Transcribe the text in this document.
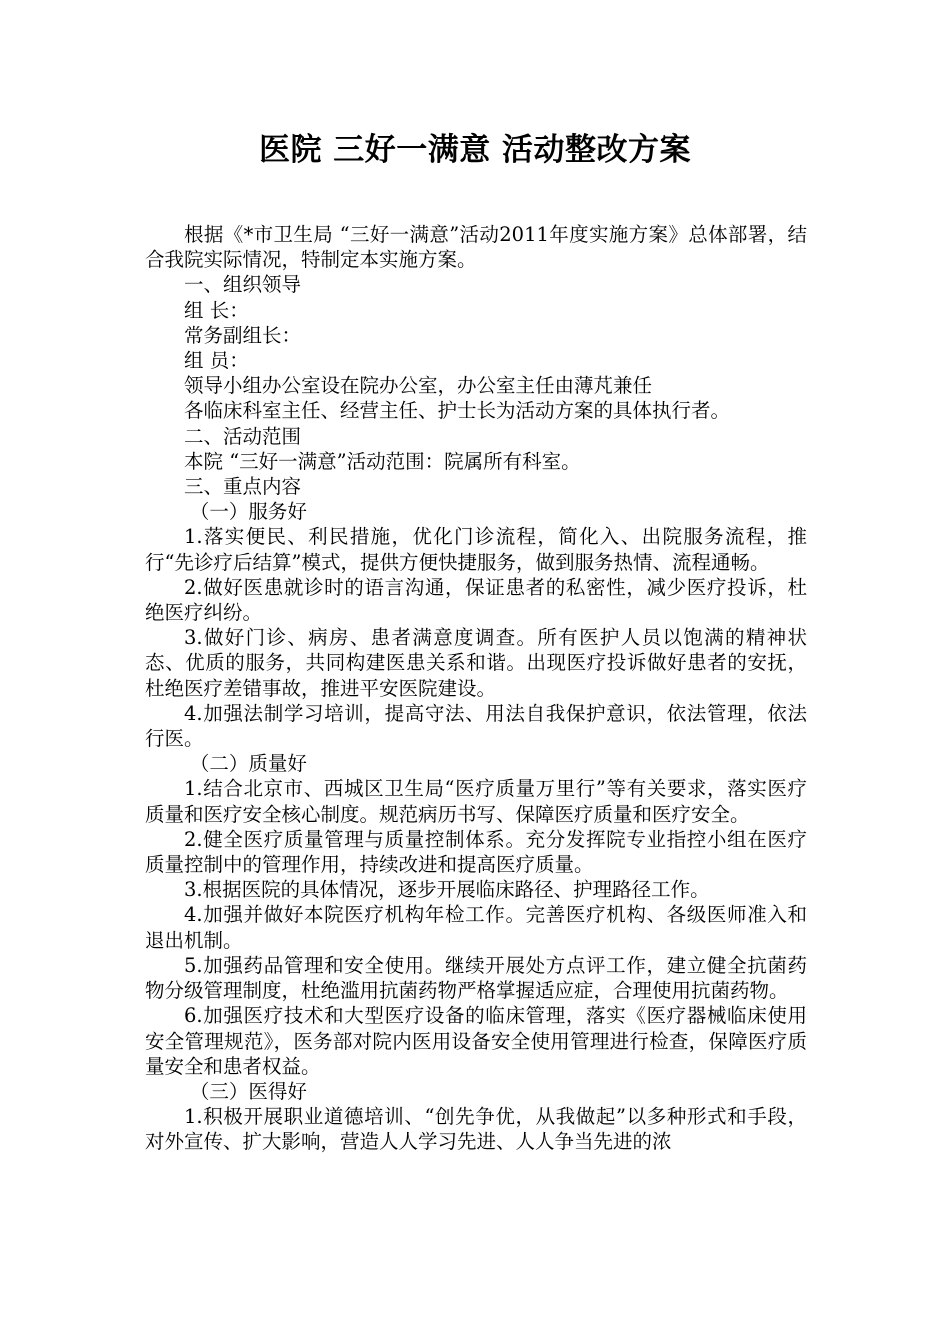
医院 三好一满意 活动整改方案

根据《*市卫生局 “三好一满意”活动2011年度实施方案》总体部署，结合我院实际情况，特制定本实施方案。

一、组织领导

组 长：

常务副组长：

组 员：

领导小组办公室设在院办公室，办公室主任由薄芃兼任

各临床科室主任、经营主任、护士长为活动方案的具体执行者。

二、活动范围

本院 “三好一满意”活动范围：院属所有科室。

三、重点内容

（一）服务好

1.落实便民、利民措施，优化门诊流程，简化入、出院服务流程，推行“先诊疗后结算”模式，提供方便快捷服务，做到服务热情、流程通畅。

2.做好医患就诊时的语言沟通，保证患者的私密性，减少医疗投诉，杜绝医疗纠纷。

3.做好门诊、病房、患者满意度调查。所有医护人员以饱满的精神状态、优质的服务，共同构建医患关系和谐。出现医疗投诉做好患者的安抚，杜绝医疗差错事故，推进平安医院建设。

4.加强法制学习培训，提高守法、用法自我保护意识，依法管理，依法行医。

（二）质量好

1.结合北京市、西城区卫生局“医疗质量万里行”等有关要求，落实医疗质量和医疗安全核心制度。规范病历书写、保障医疗质量和医疗安全。

2.健全医疗质量管理与质量控制体系。充分发挥院专业指控小组在医疗质量控制中的管理作用，持续改进和提高医疗质量。

3.根据医院的具体情况，逐步开展临床路径、护理路径工作。

4.加强并做好本院医疗机构年检工作。完善医疗机构、各级医师准入和退出机制。

5.加强药品管理和安全使用。继续开展处方点评工作，建立健全抗菌药物分级管理制度，杜绝滥用抗菌药物严格掌握适应症，合理使用抗菌药物。

6.加强医疗技术和大型医疗设备的临床管理，落实《医疗器械临床使用安全管理规范》，医务部对院内医用设备安全使用管理进行检查，保障医疗质量安全和患者权益。

（三）医得好

1.积极开展职业道德培训、“创先争优，从我做起”以多种形式和手段，对外宣传、扩大影响，营造人人学习先进、人人争当先进的浓
